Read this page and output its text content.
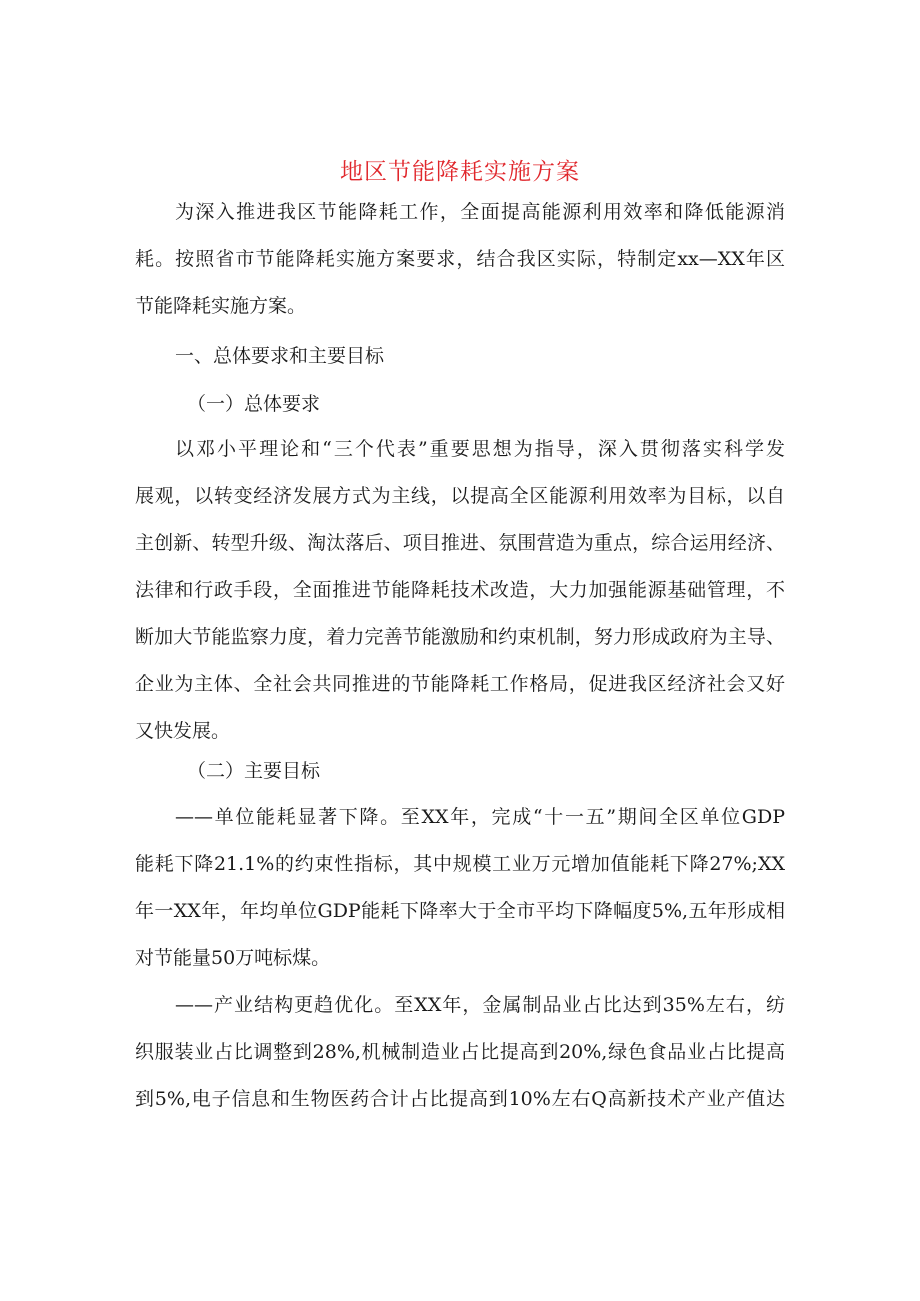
地区节能降耗实施方案
为深入推进我区节能降耗工作，全面提高能源利用效率和降低能源消
耗。按照省市节能降耗实施方案要求，结合我区实际，特制定xx—XX年区
节能降耗实施方案。
一、总体要求和主要目标
（一）总体要求
以邓小平理论和“三个代表”重要思想为指导，深入贯彻落实科学发
展观，以转变经济发展方式为主线，以提高全区能源利用效率为目标，以自
主创新、转型升级、淘汰落后、项目推进、氛围营造为重点，综合运用经济、
法律和行政手段，全面推进节能降耗技术改造，大力加强能源基础管理，不
断加大节能监察力度，着力完善节能激励和约束机制，努力形成政府为主导、
企业为主体、全社会共同推进的节能降耗工作格局，促进我区经济社会又好
又快发展。
（二）主要目标
——单位能耗显著下降。至XX年，完成“十一五”期间全区单位GDP
能耗下降21.1%的约束性指标，其中规模工业万元增加值能耗下降27%;XX
年一XX年，年均单位GDP能耗下降率大于全市平均下降幅度5%,五年形成相
对节能量50万吨标煤。
——产业结构更趋优化。至XX年，金属制品业占比达到35%左右，纺
织服装业占比调整到28%,机械制造业占比提高到20%,绿色食品业占比提高
到5%,电子信息和生物医药合计占比提高到10%左右Q高新技术产业产值达
